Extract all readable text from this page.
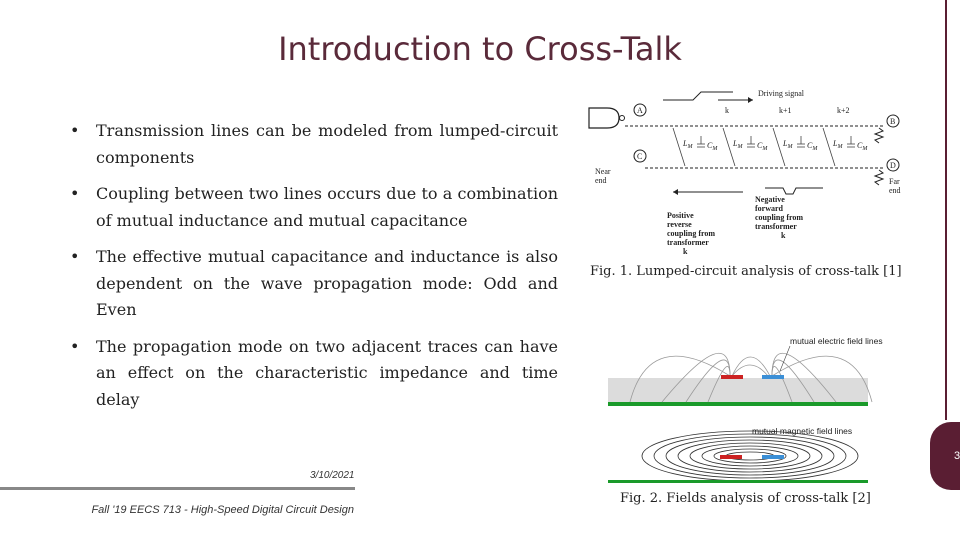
Introduction to Cross-Talk
• Transmission lines can be modeled from lumped-circuit components
• Coupling between two lines occurs due to a combination of mutual inductance and mutual capacitance
• The effective mutual capacitance and inductance is also dependent on the wave propagation mode: Odd and Even
• The propagation mode on two adjacent traces can have an effect on the characteristic impedance and time delay
A
Driving signal
k	k+1	k+2
$L_M$ $C_M$
$L_M$ $C_M$
$L_M$ $C_M$
$L_M$ $C_M$
B
C
D
Near end	Far end
Positive reverse coupling from transformer k
Negative forward coupling from transformer k
Fig. 1. Lumped-circuit analysis of cross-talk [1]
mutual electric field lines
mutual magnetic field lines
Fig. 2. Fields analysis of cross-talk [2]
3/10/2021
Fall '19 EECS 713 - High-Speed Digital Circuit Design
3
